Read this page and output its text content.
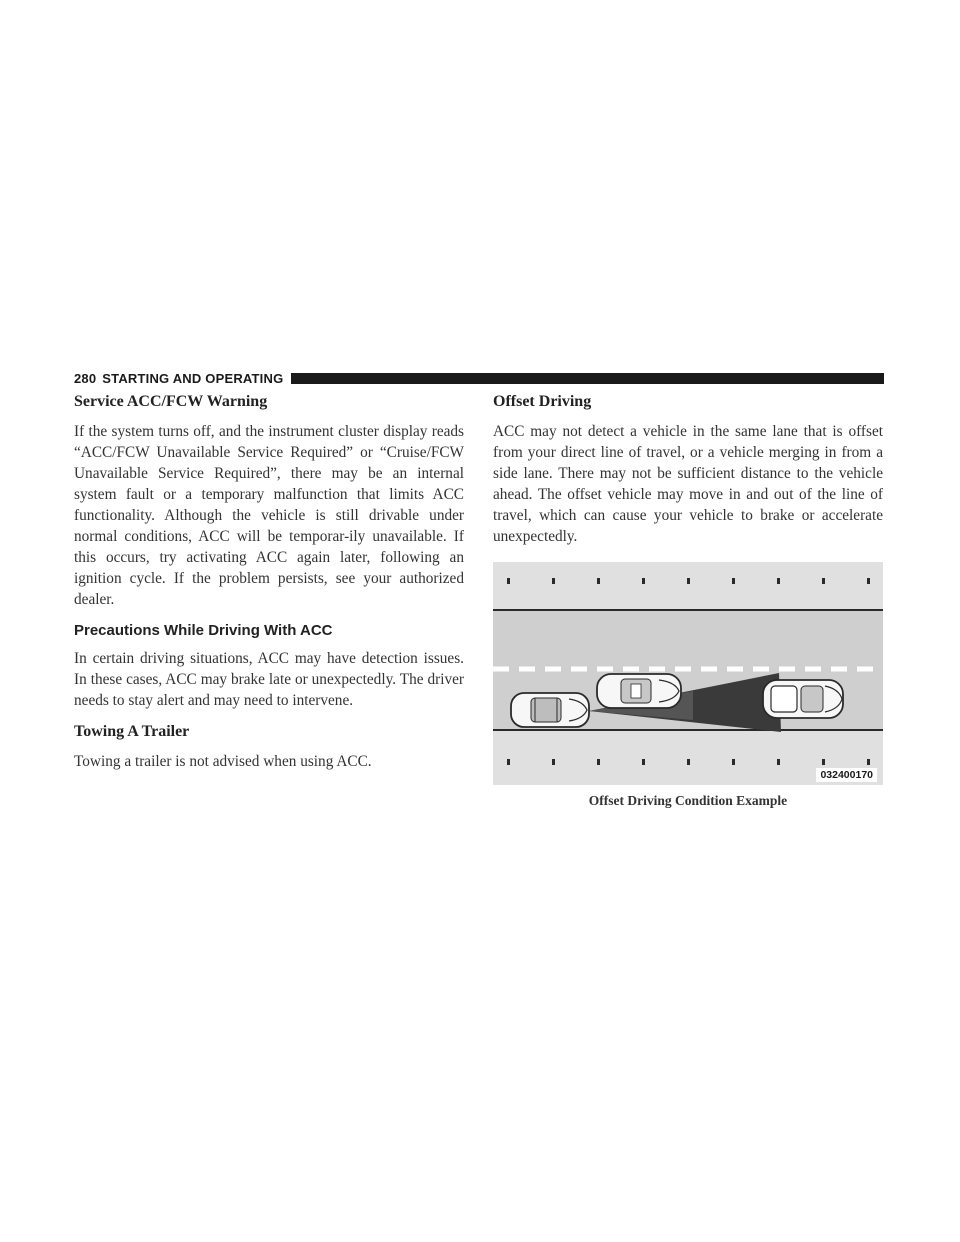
280 STARTING AND OPERATING
Service ACC/FCW Warning

If the system turns off, and the instrument cluster display reads “ACC/FCW Unavailable Service Required” or “Cruise/FCW Unavailable Service Required”, there may be an internal system fault or a temporary malfunction that limits ACC functionality. Although the vehicle is still drivable under normal conditions, ACC will be temporar-ily unavailable. If this occurs, try activating ACC again later, following an ignition cycle. If the problem persists, see your authorized dealer.

Precautions While Driving With ACC

In certain driving situations, ACC may have detection issues. In these cases, ACC may brake late or unexpectedly. The driver needs to stay alert and may need to intervene.

Towing A Trailer

Towing a trailer is not advised when using ACC.

Offset Driving

ACC may not detect a vehicle in the same lane that is offset from your direct line of travel, or a vehicle merging in from a side lane. There may not be sufficient distance to the vehicle ahead. The offset vehicle may move in and out of the line of travel, which can cause your vehicle to brake or accelerate unexpectedly.

032400170
Offset Driving Condition Example
